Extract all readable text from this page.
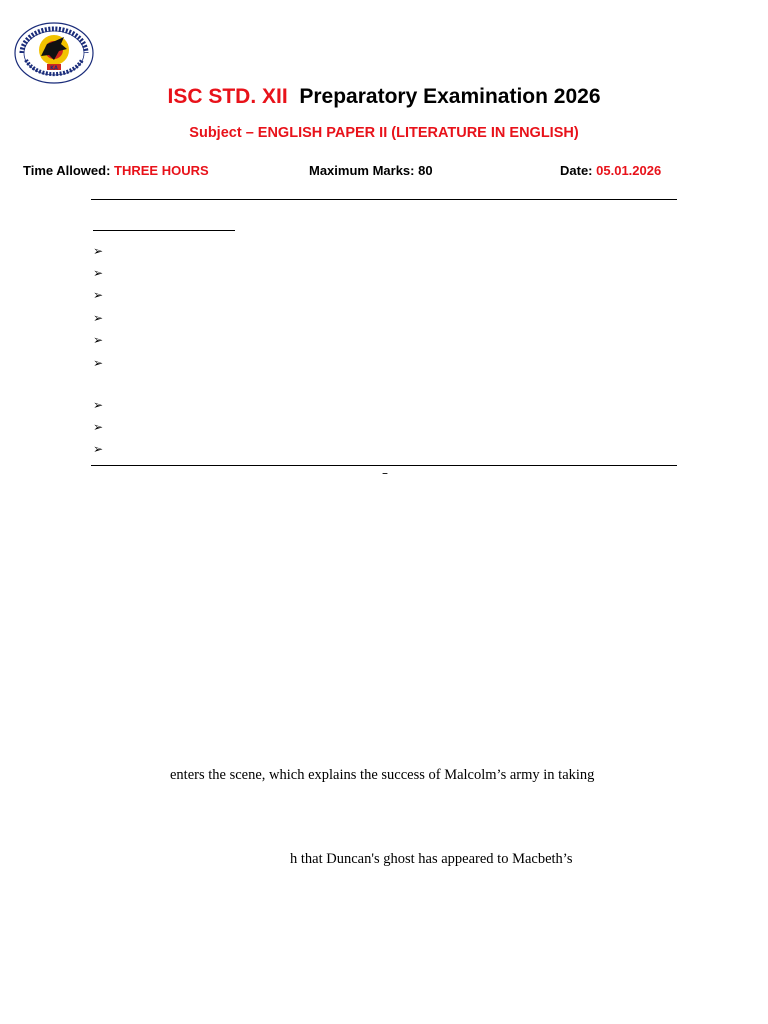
KA
ISC STD. XII Preparatory Examination 2026
Subject – ENGLISH PAPER II (LITERATURE IN ENGLISH)
Time Allowed: THREE HOURS	Maximum Marks: 80	Date: 05.01.2026
➢
➢
➢
➢
➢
➢
➢
➢
➢
–
enters the scene, which explains the success of Malcolm’s army in taking
h that Duncan's ghost has appeared to Macbeth’s
